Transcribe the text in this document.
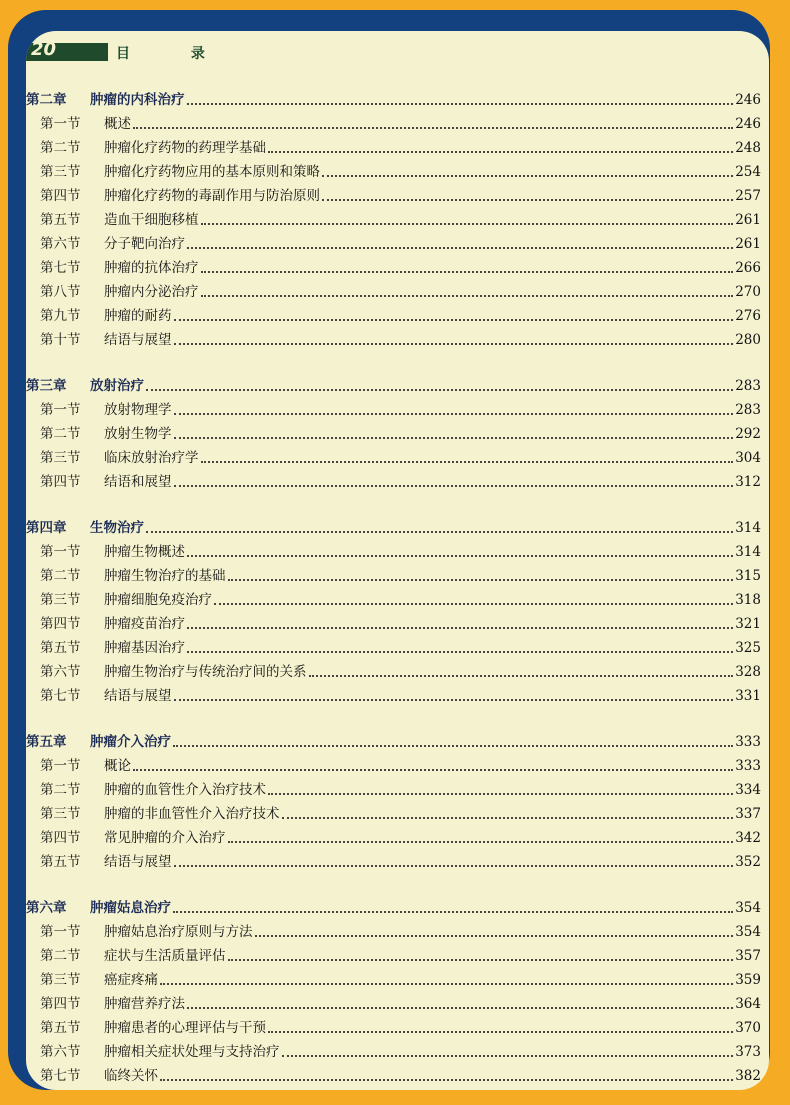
20	目 录
第二章	肿瘤的内科治疗	246
第一节	概述	246
第二节	肿瘤化疗药物的药理学基础	248
第三节	肿瘤化疗药物应用的基本原则和策略	254
第四节	肿瘤化疗药物的毒副作用与防治原则	257
第五节	造血干细胞移植	261
第六节	分子靶向治疗	261
第七节	肿瘤的抗体治疗	266
第八节	肿瘤内分泌治疗	270
第九节	肿瘤的耐药	276
第十节	结语与展望	280
第三章	放射治疗	283
第一节	放射物理学	283
第二节	放射生物学	292
第三节	临床放射治疗学	304
第四节	结语和展望	312
第四章	生物治疗	314
第一节	肿瘤生物概述	314
第二节	肿瘤生物治疗的基础	315
第三节	肿瘤细胞免疫治疗	318
第四节	肿瘤疫苗治疗	321
第五节	肿瘤基因治疗	325
第六节	肿瘤生物治疗与传统治疗间的关系	328
第七节	结语与展望	331
第五章	肿瘤介入治疗	333
第一节	概论	333
第二节	肿瘤的血管性介入治疗技术	334
第三节	肿瘤的非血管性介入治疗技术	337
第四节	常见肿瘤的介入治疗	342
第五节	结语与展望	352
第六章	肿瘤姑息治疗	354
第一节	肿瘤姑息治疗原则与方法	354
第二节	症状与生活质量评估	357
第三节	癌症疼痛	359
第四节	肿瘤营养疗法	364
第五节	肿瘤患者的心理评估与干预	370
第六节	肿瘤相关症状处理与支持治疗	373
第七节	临终关怀	382
